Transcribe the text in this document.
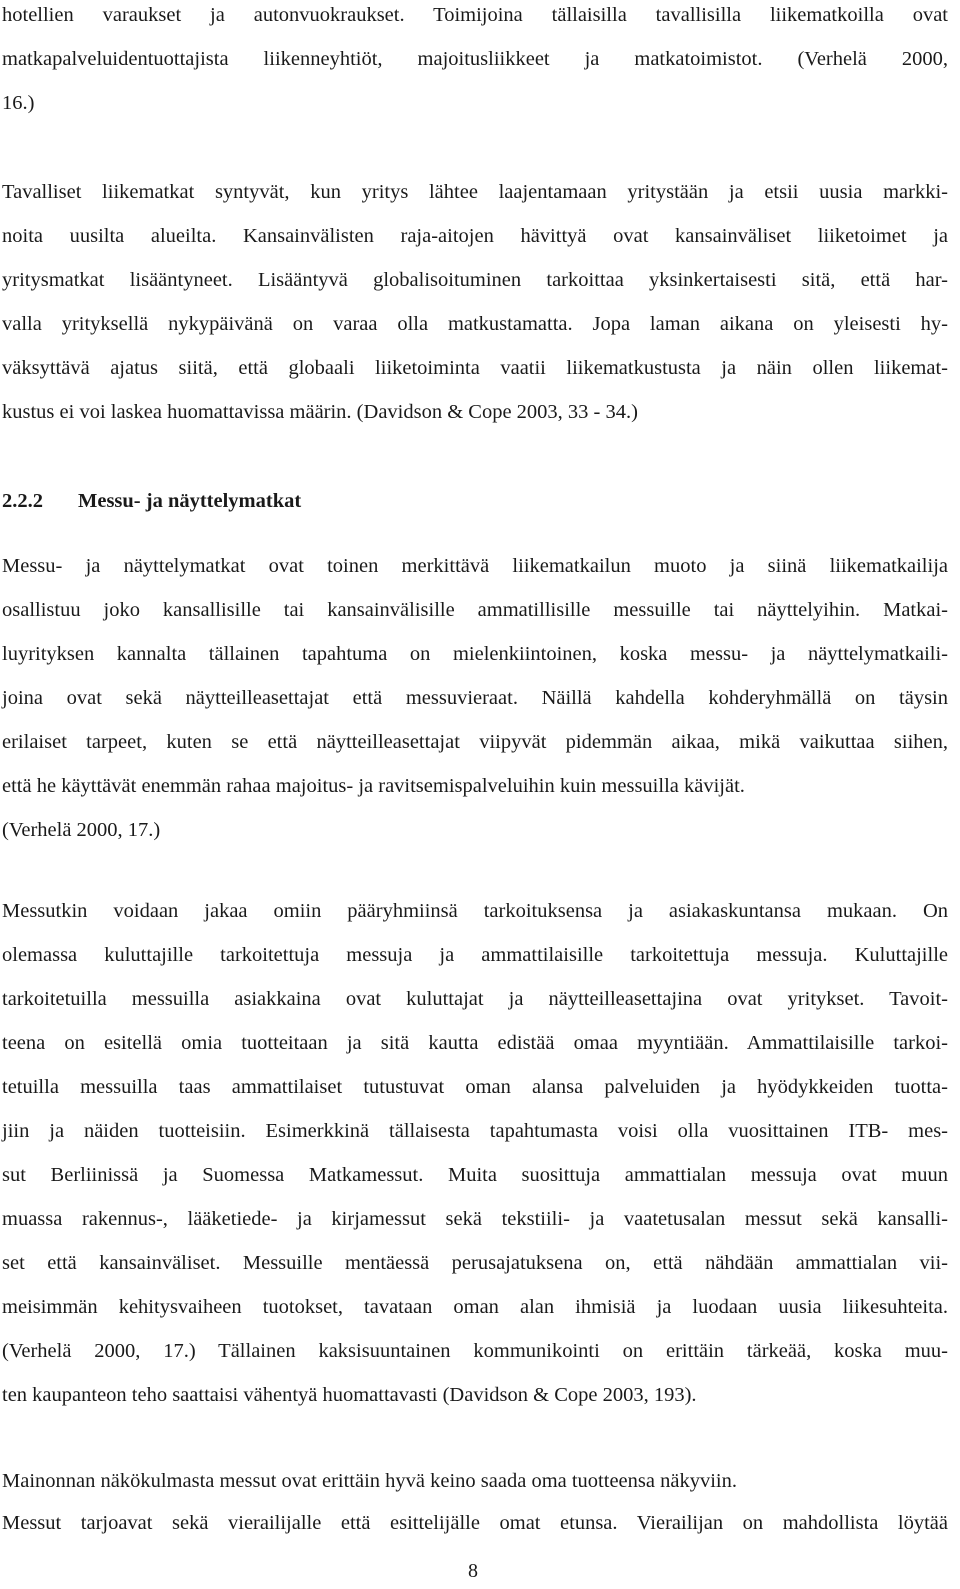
hotellien varaukset ja autonvuokraukset. Toimijoina tällaisilla tavallisilla liikematkoilla ovat
matkapalveluidentuottajista liikenneyhtiöt, majoitusliikkeet ja matkatoimistot. (Verhelä 2000,
16.)
Tavalliset liikematkat syntyvät, kun yritys lähtee laajentamaan yritystään ja etsii uusia markki-
noita uusilta alueilta. Kansainvälisten raja-aitojen hävittyä ovat kansainväliset liiketoimet ja
yritysmatkat lisääntyneet. Lisääntyvä globalisoituminen tarkoittaa yksinkertaisesti sitä, että har-
valla yrityksellä nykypäivänä on varaa olla matkustamatta. Jopa laman aikana on yleisesti hy-
väksyttävä ajatus siitä, että globaali liiketoiminta vaatii liikematkustusta ja näin ollen liikemat-
kustus ei voi laskea huomattavissa määrin. (Davidson & Cope 2003, 33 - 34.)
2.2.2 Messu- ja näyttelymatkat
Messu- ja näyttelymatkat ovat toinen merkittävä liikematkailun muoto ja siinä liikematkailija
osallistuu joko kansallisille tai kansainvälisille ammatillisille messuille tai näyttelyihin. Matkai-
luyrityksen kannalta tällainen tapahtuma on mielenkiintoinen, koska messu- ja näyttelymatkaili-
joina ovat sekä näytteilleasettajat että messuvieraat. Näillä kahdella kohderyhmällä on täysin
erilaiset tarpeet, kuten se että näytteilleasettajat viipyvät pidemmän aikaa, mikä vaikuttaa siihen,
että he käyttävät enemmän rahaa majoitus- ja ravitsemispalveluihin kuin messuilla kävijät.
(Verhelä 2000, 17.)
Messutkin voidaan jakaa omiin pääryhmiinsä tarkoituksensa ja asiakaskuntansa mukaan. On
olemassa kuluttajille tarkoitettuja messuja ja ammattilaisille tarkoitettuja messuja. Kuluttajille
tarkoitetuilla messuilla asiakkaina ovat kuluttajat ja näytteilleasettajina ovat yritykset. Tavoit-
teena on esitellä omia tuotteitaan ja sitä kautta edistää omaa myyntiään. Ammattilaisille tarkoi-
tetuilla messuilla taas ammattilaiset tutustuvat oman alansa palveluiden ja hyödykkeiden tuotta-
jiin ja näiden tuotteisiin. Esimerkkinä tällaisesta tapahtumasta voisi olla vuosittainen ITB- mes-
sut Berliinissä ja Suomessa Matkamessut. Muita suosittuja ammattialan messuja ovat muun
muassa rakennus-, lääketiede- ja kirjamessut sekä tekstiili- ja vaatetusalan messut sekä kansalli-
set että kansainväliset. Messuille mentäessä perusajatuksena on, että nähdään ammattialan vii-
meisimmän kehitysvaiheen tuotokset, tavataan oman alan ihmisiä ja luodaan uusia liikesuhteita.
(Verhelä 2000, 17.) Tällainen kaksisuuntainen kommunikointi on erittäin tärkeää, koska muu-
ten kaupanteon teho saattaisi vähentyä huomattavasti (Davidson & Cope 2003, 193).
Mainonnan näkökulmasta messut ovat erittäin hyvä keino saada oma tuotteensa näkyviin.
Messut tarjoavat sekä vierailijalle että esittelijälle omat etunsa. Vierailijan on mahdollista löytää
8
